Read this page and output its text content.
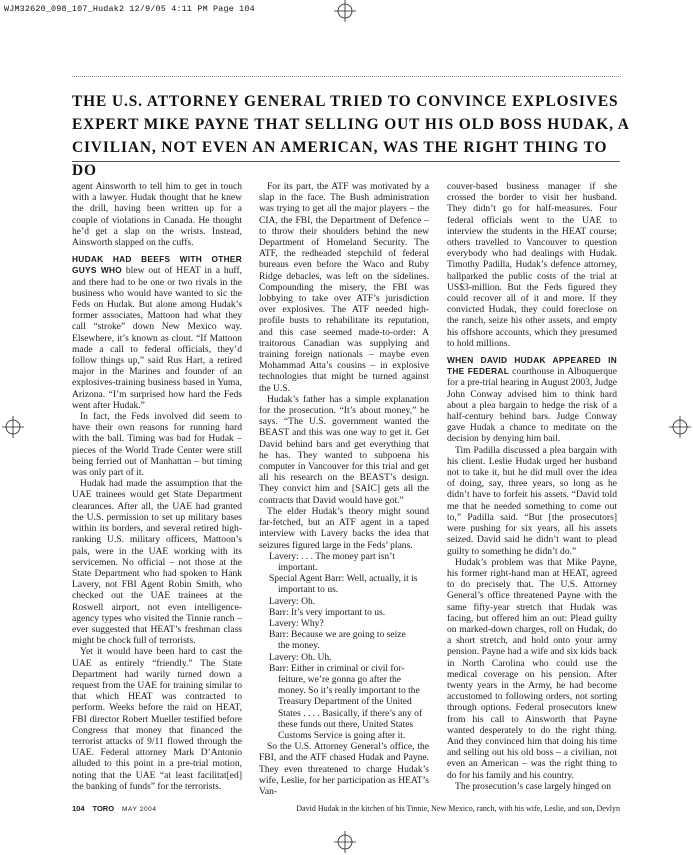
WJM32620_098_107_Hudak2 12/9/05 4:11 PM Page 104
THE U.S. ATTORNEY GENERAL TRIED TO CONVINCE EXPLOSIVES EXPERT MIKE PAYNE THAT SELLING OUT HIS OLD BOSS HUDAK, A CIVILIAN, NOT EVEN AN AMERICAN, WAS THE RIGHT THING TO DO

agent Ainsworth to tell him to get in touch with a lawyer. Hudak thought that he knew the drill, having been written up for a couple of violations in Canada. He thought he’d get a slap on the wrists. Instead, Ainsworth slapped on the cuffs.

HUDAK HAD BEEFS WITH OTHER GUYS WHO blew out of HEAT in a huff, and there had to be one or two rivals in the business who would have wanted to sic the Feds on Hudak. But alone among Hudak’s former associates, Mattoon had what they call “stroke” down New Mexico way. Elsewhere, it’s known as clout. “If Mattoon made a call to federal officials, they’d follow things up,” said Rus Hart, a retired major in the Marines and founder of an explosives-training business based in Yuma, Arizona. “I’m surprised how hard the Feds went after Hudak.”

In fact, the Feds involved did seem to have their own reasons for running hard with the ball. Timing was bad for Hudak – pieces of the World Trade Center were still being ferried out of Manhattan – but timing was only part of it.

Hudak had made the assumption that the UAE trainees would get State Department clearances. After all, the UAE had granted the U.S. permission to set up military bases within its borders, and several retired high-ranking U.S. military officers, Mattoon’s pals, were in the UAE working with its servicemen. No official – not those at the State Department who had spoken to Hank Lavery, not FBI Agent Robin Smith, who checked out the UAE trainees at the Roswell airport, not even intelligence-agency types who visited the Tinnie ranch – ever suggested that HEAT’s freshman class might be chock full of terrorists.

Yet it would have been hard to cast the UAE as entirely “friendly.” The State Department had warily turned down a request from the UAE for training similar to that which HEAT was contracted to perform. Weeks before the raid on HEAT, FBI director Robert Mueller testified before Congress that money that financed the terrorist attacks of 9/11 flowed through the UAE. Federal attorney Mark D’Antonio alluded to this point in a pre-trial motion, noting that the UAE “at least facilitat[ed] the banking of funds” for the terrorists.

For its part, the ATF was motivated by a slap in the face. The Bush administration was trying to get all the major players – the CIA, the FBI, the Department of Defence – to throw their shoulders behind the new Department of Homeland Security. The ATF, the redheaded stepchild of federal bureaus even before the Waco and Ruby Ridge debacles, was left on the sidelines. Compounding the misery, the FBI was lobbying to take over ATF’s jurisdiction over explosives. The ATF needed high-profile busts to rehabilitate its reputation, and this case seemed made-to-order: A traitorous Canadian was supplying and training foreign nationals – maybe even Mohammad Atta’s cousins – in explosive technologies that might be turned against the U.S.

Hudak’s father has a simple explanation for the prosecution. “It’s about money,” he says. “The U.S. government wanted the BEAST and this was one way to get it. Get David behind bars and get everything that he has. They wanted to subpoena his computer in Vancouver for this trial and get all his research on the BEAST’s design. They convict him and [SAIC] gets all the contracts that David would have got.”

The elder Hudak’s theory might sound far-fetched, but an ATF agent in a taped interview with Lavery backs the idea that seizures figured large in the Feds’ plans.

Lavery: . . . The money part isn’t

important.

Special Agent Barr: Well, actually, it is

important to us.

Lavery: Oh.

Barr: It’s very important to us.

Lavery: Why?

Barr: Because we are going to seize

the money.

Lavery: Oh. Uh.

Barr: Either in criminal or civil for-

feiture, we’re gonna go after the

money. So it’s really important to the

Treasury Department of the United

States . . . . Basically, if there’s any of

these funds out there, United States

Customs Service is going after it.

So the U.S. Attorney General’s office, the FBI, and the ATF chased Hudak and Payne. They even threatened to charge Hudak’s wife, Leslie, for her participation as HEAT’s Van-

couver-based business manager if she crossed the border to visit her husband. They didn’t go for half-measures. Four federal officials went to the UAE to interview the students in the HEAT course; others travelled to Vancouver to question everybody who had dealings with Hudak. Timothy Padilla, Hudak’s defence attorney, ballparked the public costs of the trial at US$3-million. But the Feds figured they could recover all of it and more. If they convicted Hudak, they could foreclose on the ranch, seize his other assets, and empty his offshore accounts, which they presumed to hold millions.

WHEN DAVID HUDAK APPEARED IN THE FEDERAL courthouse in Albuquerque for a pre-trial hearing in August 2003, Judge John Conway advised him to think hard about a plea bargain to hedge the risk of a half-century behind bars. Judge Conway gave Hudak a chance to meditate on the decision by denying him bail.

Tim Padilla discussed a plea bargain with his client. Leslie Hudak urged her husband not to take it, but he did mull over the idea of doing, say, three years, so long as he didn’t have to forfeit his assets. “David told me that he needed something to come out to,” Padilla said. “But [the prosecutors] were pushing for six years, all his assets seized. David said he didn’t want to plead guilty to something he didn’t do.”

Hudak’s problem was that Mike Payne, his former right-hand man at HEAT, agreed to do precisely that. The U.S. Attorney General’s office threatened Payne with the same fifty-year stretch that Hudak was facing, but offered him an out: Plead guilty on marked-down charges, roll on Hudak, do a short stretch, and hold onto your army pension. Payne had a wife and six kids back in North Carolina who could use the medical coverage on his pension. After twenty years in the Army, he had become accustomed to following orders, not sorting through options. Federal prosecutors knew from his call to Ainsworth that Payne wanted desperately to do the right thing. And they convinced him that doing his time and selling out his old boss – a civilian, not even an American – was the right thing to do for his family and his country.

The prosecution’s case largely hinged on

104 TORO MAY 2004	David Hudak in the kitchen of his Tinnie, New Mexico, ranch, with his wife, Leslie, and son, Devlyn
